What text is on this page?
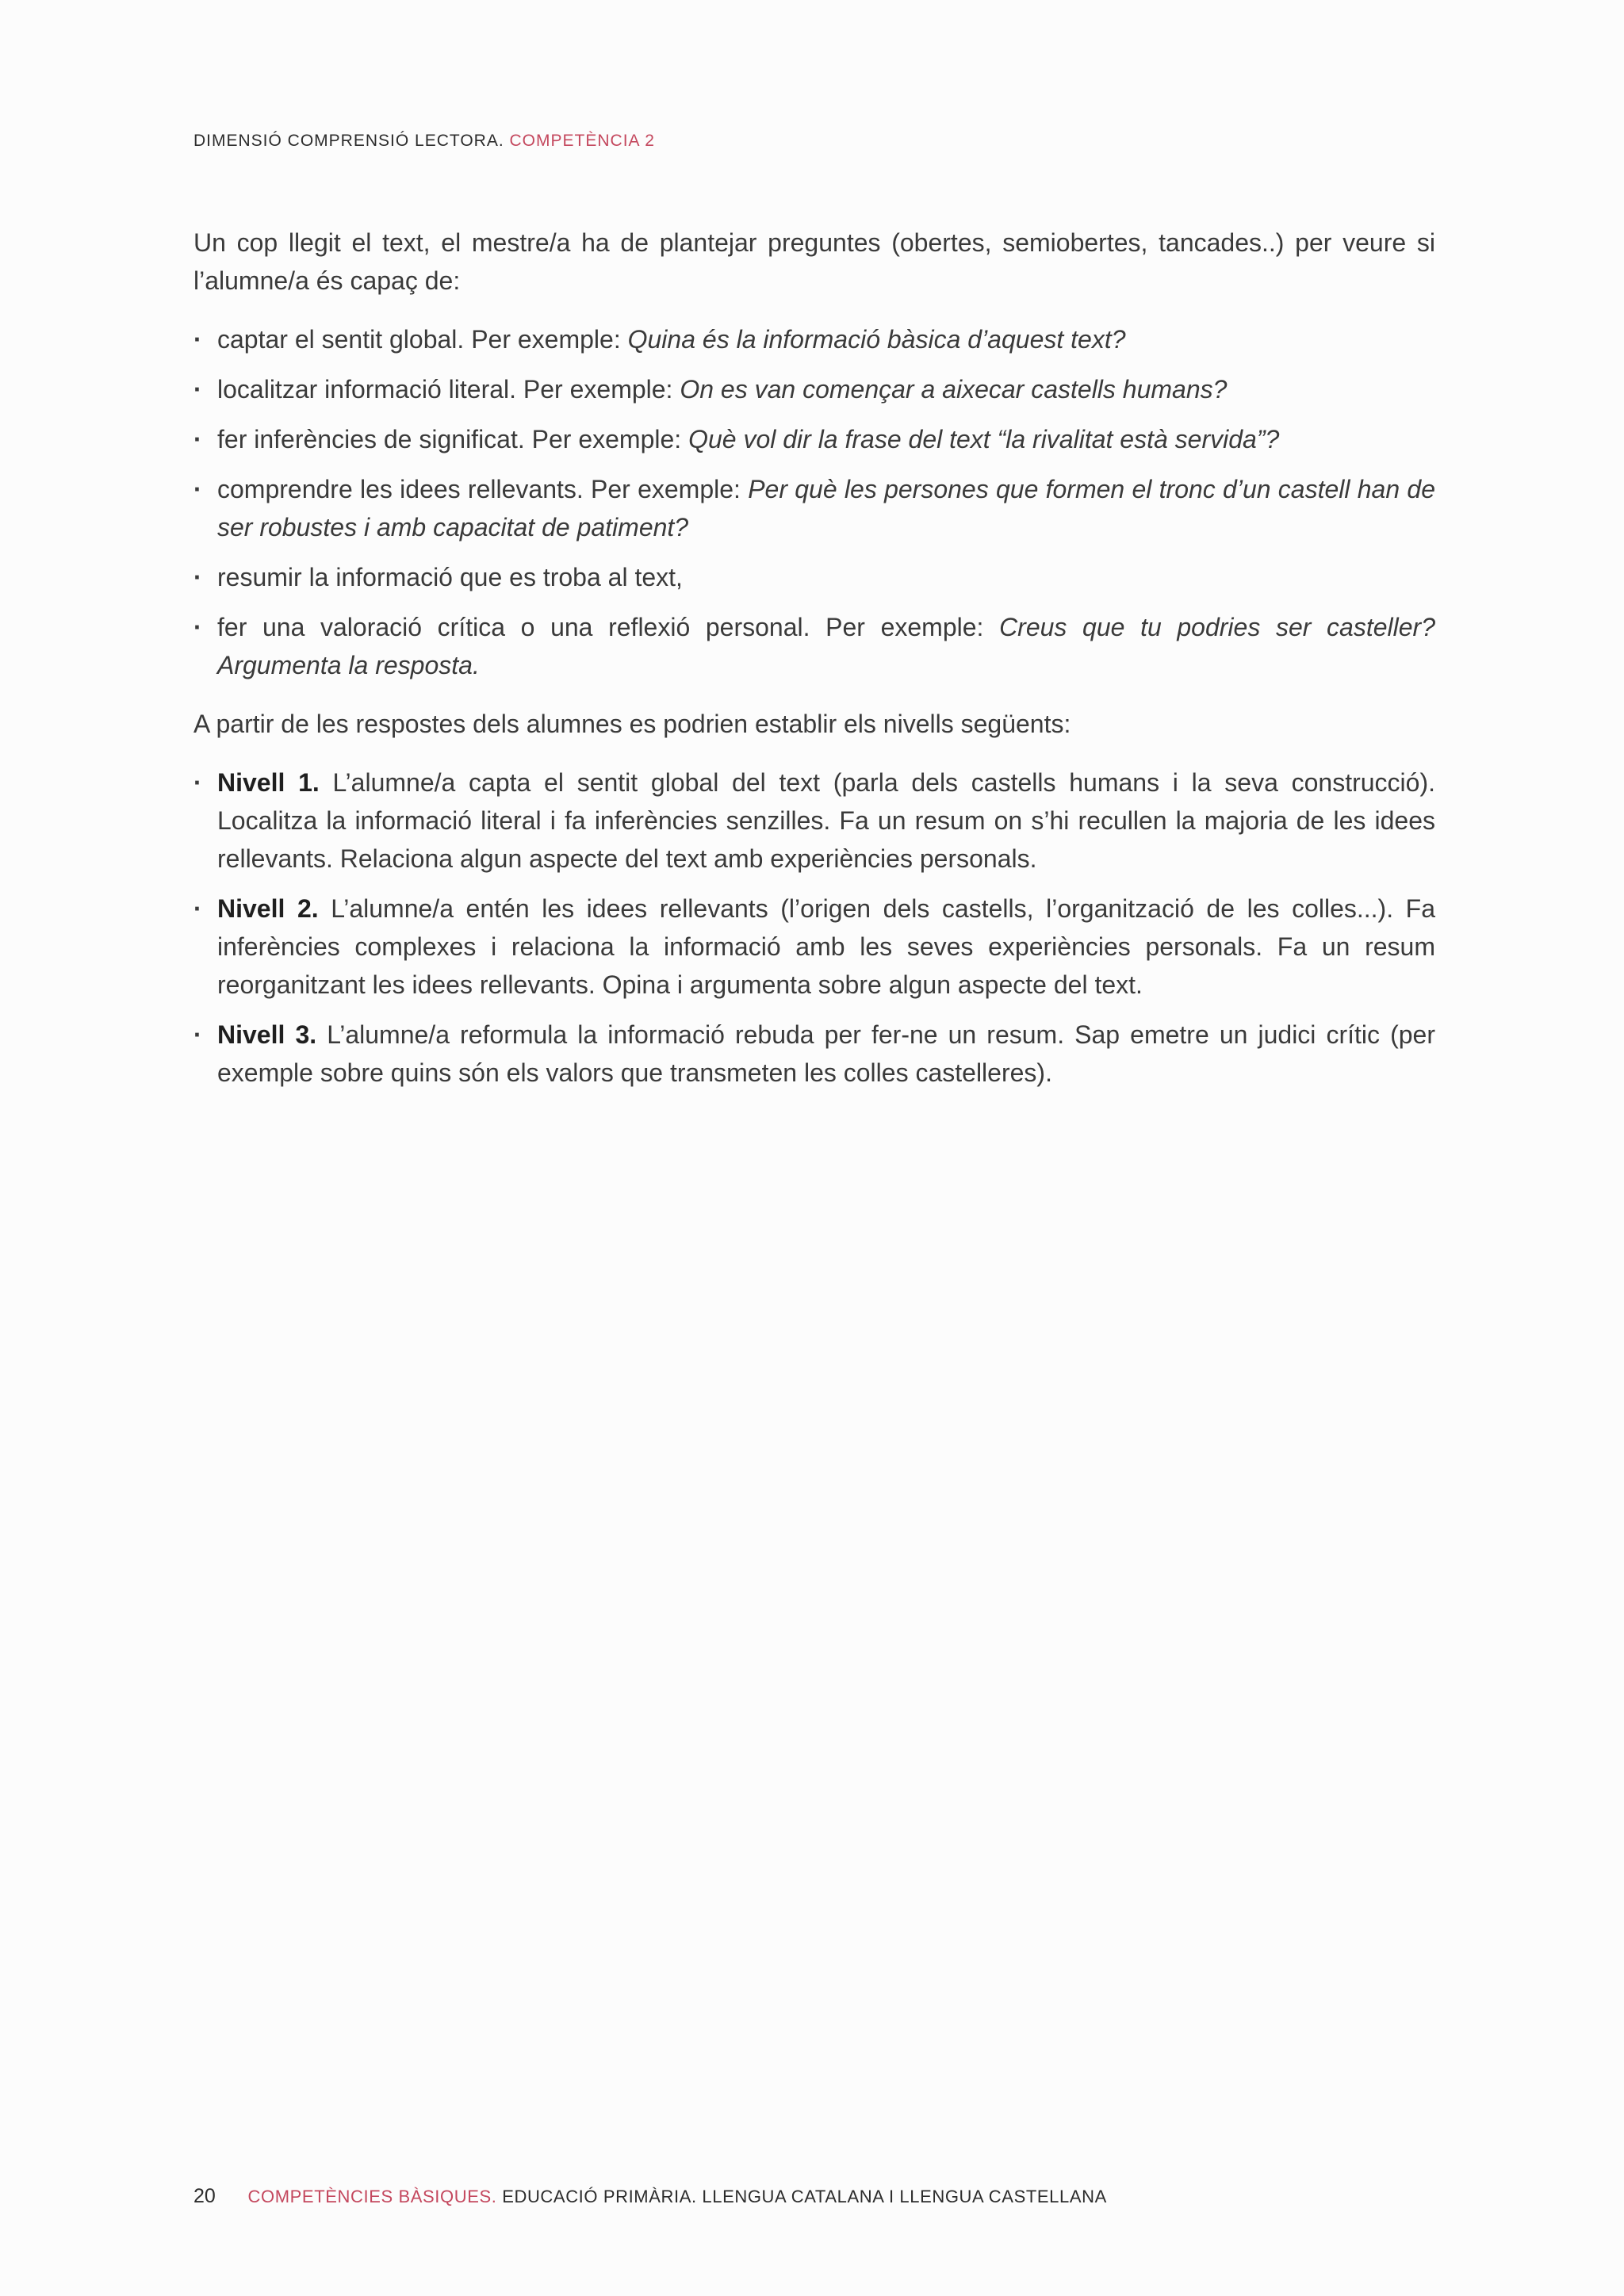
DIMENSIÓ COMPRENSIÓ LECTORA. COMPETÈNCIA 2

Un cop llegit el text, el mestre/a ha de plantejar preguntes (obertes, semiobertes, tancades..) per veure si l’alumne/a és capaç de:

· captar el sentit global. Per exemple: Quina és la informació bàsica d’aquest text?
· localitzar informació literal. Per exemple: On es van començar a aixecar castells humans?
· fer inferències de significat. Per exemple: Què vol dir la frase del text “la rivalitat està servida”?
· comprendre les idees rellevants. Per exemple: Per què les persones que formen el tronc d’un castell han de ser robustes i amb capacitat de patiment?
· resumir la informació que es troba al text,
· fer una valoració crítica o una reflexió personal. Per exemple: Creus que tu podries ser casteller? Argumenta la resposta.

A partir de les respostes dels alumnes es podrien establir els nivells següents:

· Nivell 1. L’alumne/a capta el sentit global del text (parla dels castells humans i la seva construcció). Localitza la informació literal i fa inferències senzilles. Fa un resum on s’hi recullen la majoria de les idees rellevants. Relaciona algun aspecte del text amb experiències personals.
· Nivell 2. L’alumne/a entén les idees rellevants (l’origen dels castells, l’organització de les colles...). Fa inferències complexes i relaciona la informació amb les seves experiències personals. Fa un resum reorganitzant les idees rellevants. Opina i argumenta sobre algun aspecte del text.
· Nivell 3. L’alumne/a reformula la informació rebuda per fer-ne un resum. Sap emetre un judici crític (per exemple sobre quins són els valors que transmeten les colles castelleres).
20 COMPETÈNCIES BÀSIQUES. EDUCACIÓ PRIMÀRIA. LLENGUA CATALANA I LLENGUA CASTELLANA
